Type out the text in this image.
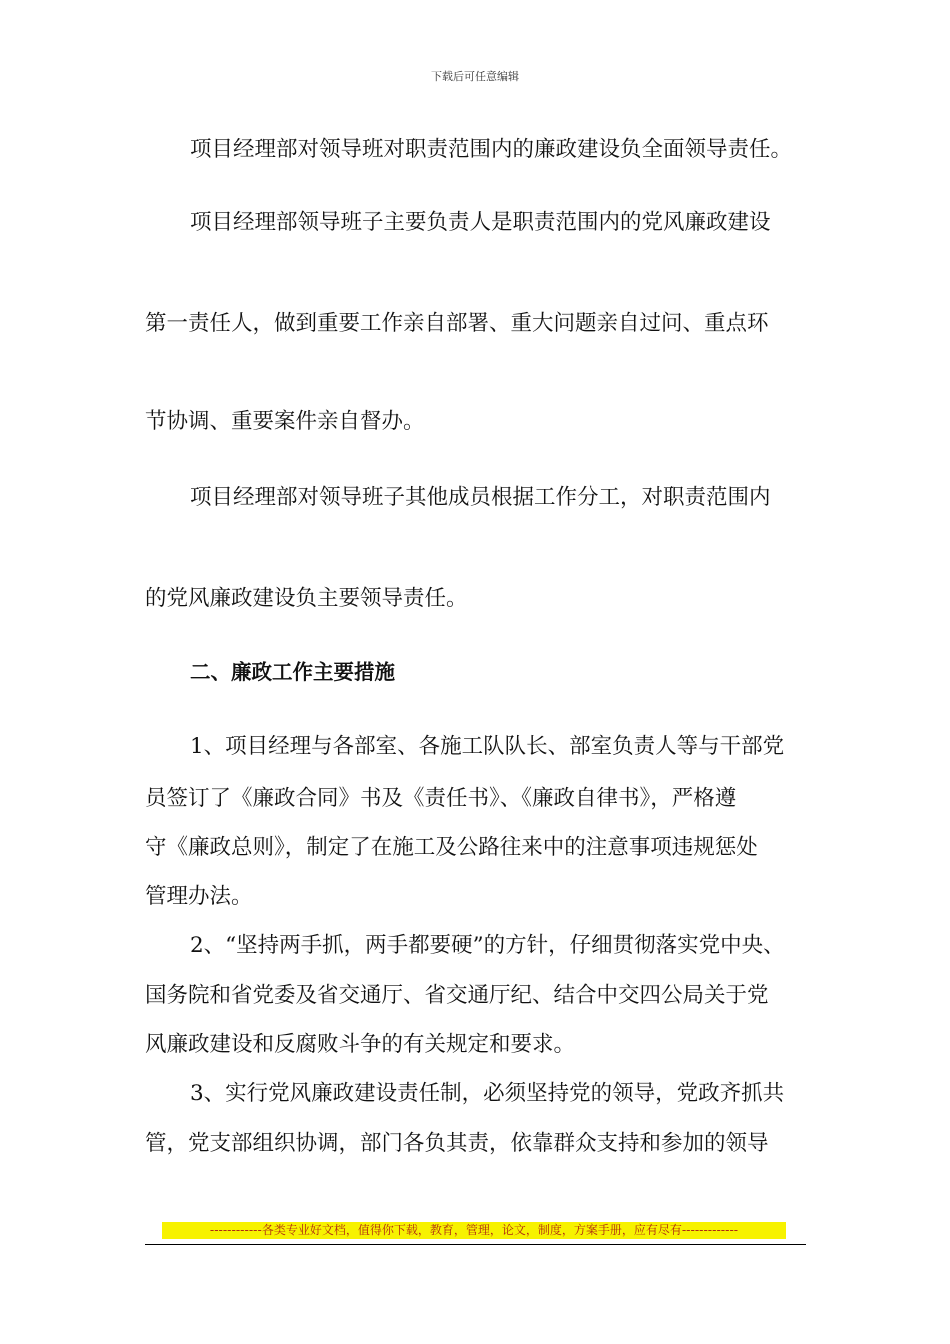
下载后可任意编辑
项目经理部对领导班对职责范围内的廉政建设负全面领导责任。
项目经理部领导班子主要负责人是职责范围内的党风廉政建设
第一责任人，做到重要工作亲自部署、重大问题亲自过问、重点环
节协调、重要案件亲自督办。
项目经理部对领导班子其他成员根据工作分工，对职责范围内
的党风廉政建设负主要领导责任。
二、廉政工作主要措施
1、项目经理与各部室、各施工队队长、部室负责人等与干部党
员签订了《廉政合同》书及《责任书》、《廉政自律书》，严格遵
守《廉政总则》，制定了在施工及公路往来中的注意事项违规惩处
管理办法。
2、“坚持两手抓，两手都要硬”的方针，仔细贯彻落实党中央、
国务院和省党委及省交通厅、省交通厅纪、结合中交四公局关于党
风廉政建设和反腐败斗争的有关规定和要求。
3、实行党风廉政建设责任制，必须坚持党的领导，党政齐抓共
管，党支部组织协调，部门各负其责，依靠群众支持和参加的领导
------------各类专业好文档，值得你下载，教育，管理，论文，制度，方案手册，应有尽有-------------
